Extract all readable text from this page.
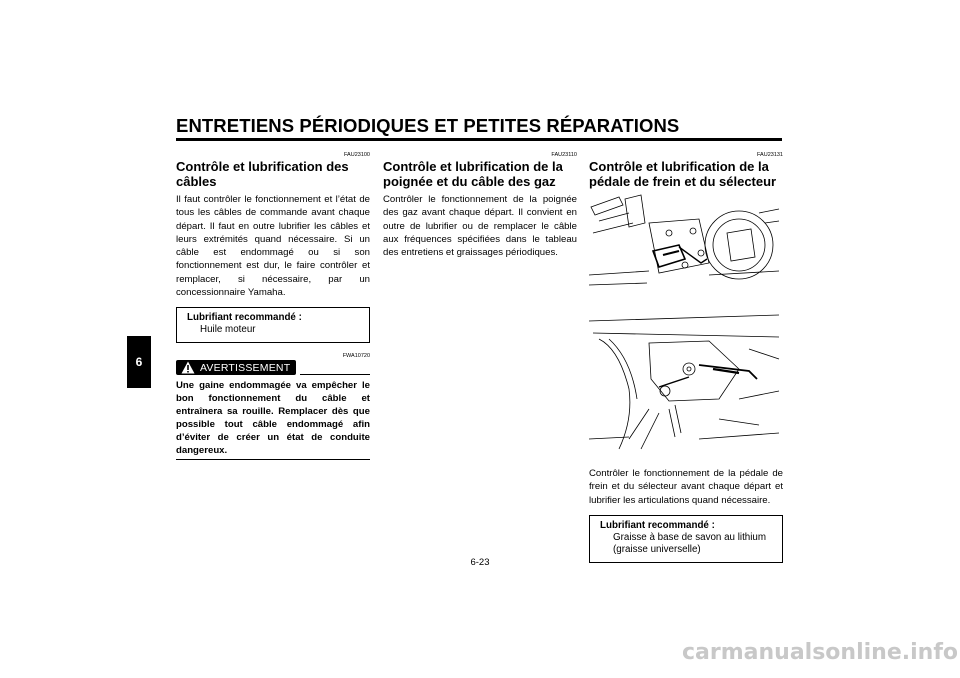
ENTRETIENS PÉRIODIQUES ET PETITES RÉPARATIONS
6
FAU23100
Contrôle et lubrification des câbles

Il faut contrôler le fonctionnement et l’état de tous les câbles de commande avant chaque départ. Il faut en outre lubrifier les câbles et leurs extrémités quand nécessaire. Si un câble est endommagé ou si son fonctionnement est dur, le faire contrôler et remplacer, si nécessaire, par un concessionnaire Yamaha.

Lubrifiant recommandé :
Huile moteur
FWA10720
AVERTISSEMENT

Une gaine endommagée va empêcher le bon fonctionnement du câble et entraînera sa rouille. Remplacer dès que possible tout câble endommagé afin d’éviter de créer un état de conduite dangereux.

FAU23110
Contrôle et lubrification de la poignée et du câble des gaz

Contrôler le fonctionnement de la poignée des gaz avant chaque départ. Il convient en outre de lubrifier ou de remplacer le câble aux fréquences spécifiées dans le tableau des entretiens et graissages périodiques.

FAU23131
Contrôle et lubrification de la pédale de frein et du sélecteur

Contrôler le fonctionnement de la pédale de frein et du sélecteur avant chaque départ et lubrifier les articulations quand nécessaire.

Lubrifiant recommandé :
Graisse à base de savon au lithium (graisse universelle)
6-23
carmanualsonline.info
